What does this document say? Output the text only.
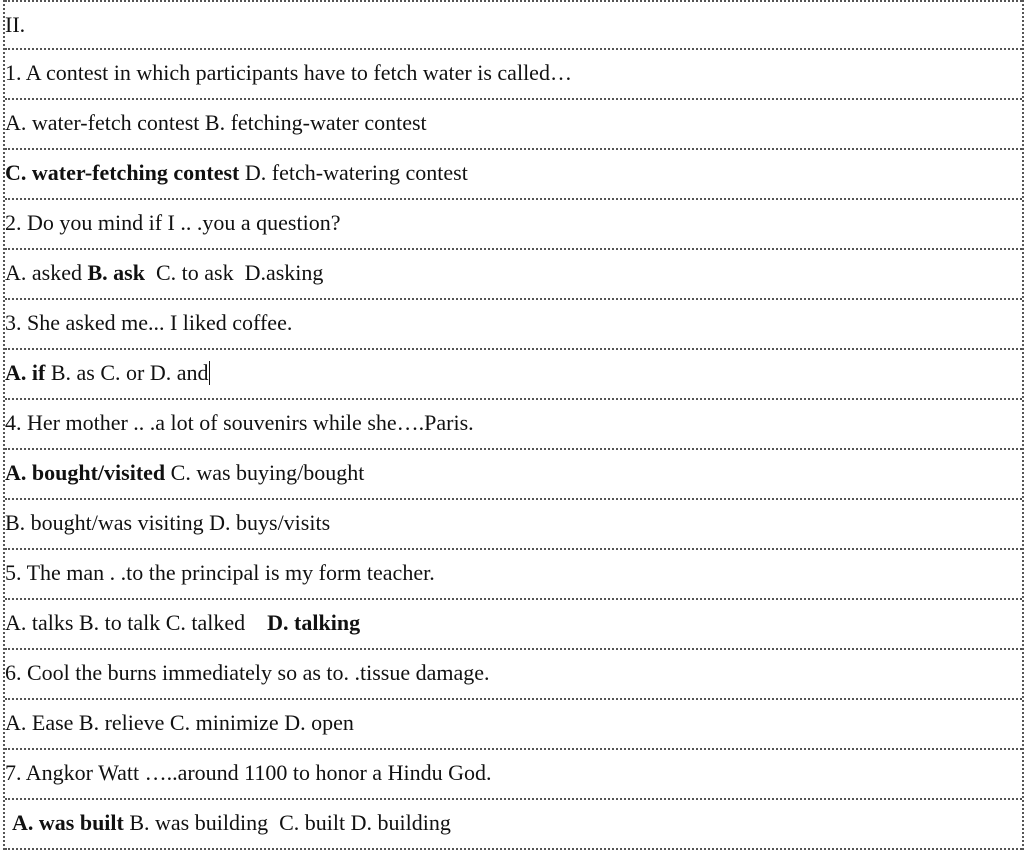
II.
1. A contest in which participants have to fetch water is called…
A. water-fetch contest B. fetching-water contest
C. water-fetching contest D. fetch-watering contest
2. Do you mind if I .. .you a question?
A. asked B. ask  C. to ask  D.asking
3. She asked me... I liked coffee.
A. if B. as C. or D. and
4. Her mother .. .a lot of souvenirs while she….Paris.
A. bought/visited C. was buying/bought
B. bought/was visiting D. buys/visits
5. The man . .to the principal is my form teacher.
A. talks B. to talk C. talked    D. talking
6. Cool the burns immediately so as to. .tissue damage.
A. Ease B. relieve C. minimize D. open
7. Angkor Watt …..around 1100 to honor a Hindu God.
A. was built B. was building  C. built D. building
